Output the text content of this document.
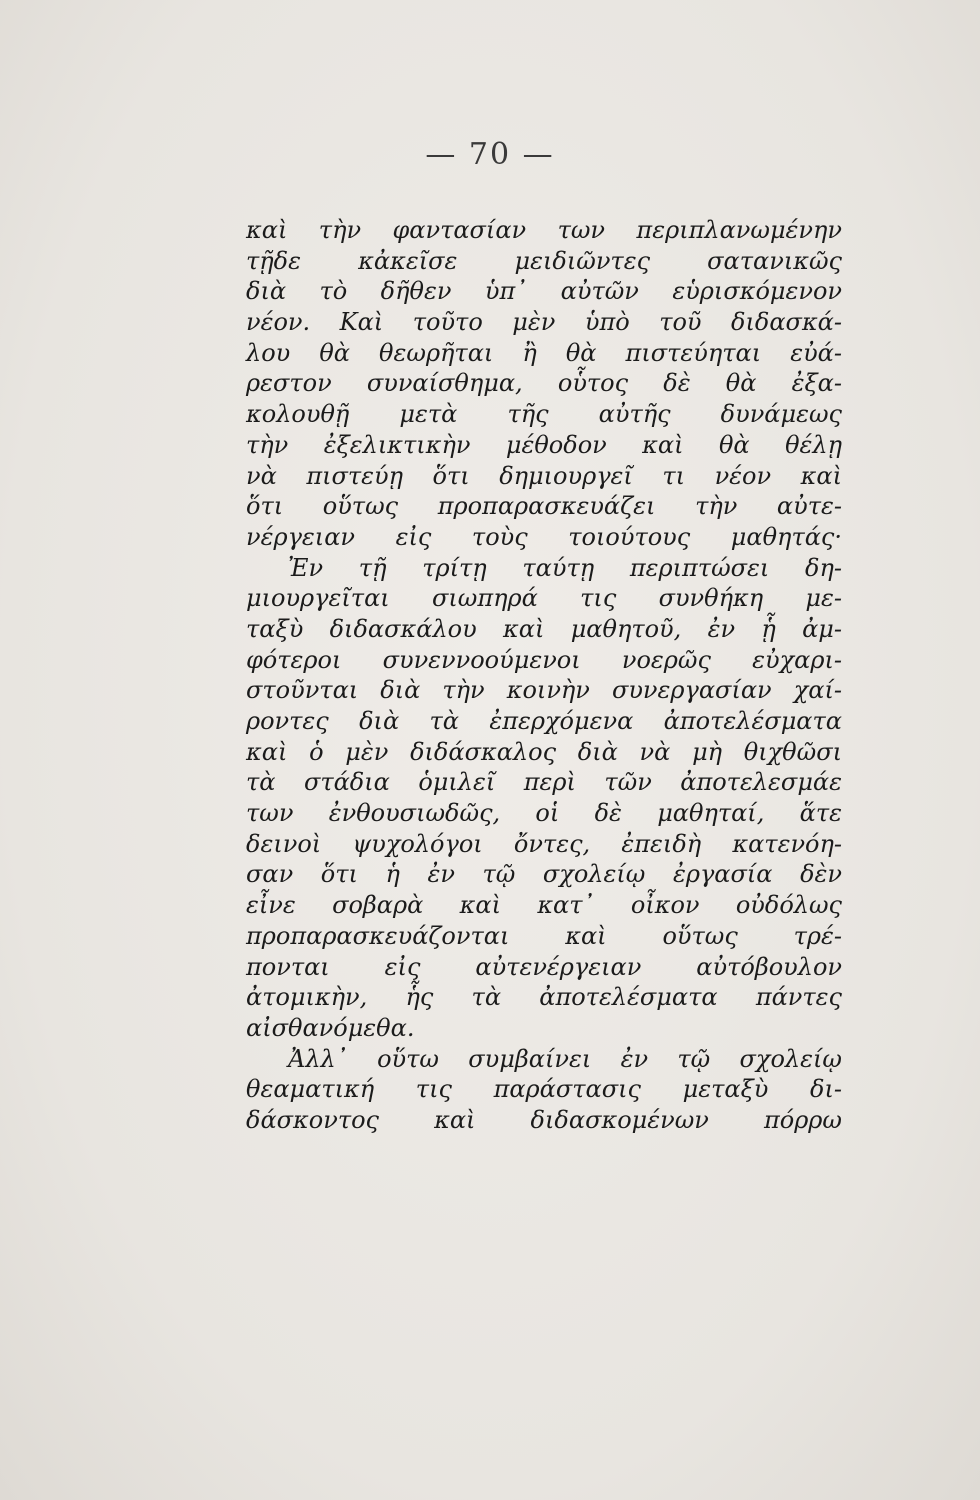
— 70 —
καὶ τὴν φαντασίαν των περιπλανωμένην
τῇδε κἀκεῖσε μειδιῶντες σατανικῶς
διὰ τὸ δῆθεν ὑπ᾽ αὐτῶν εὑρισκόμενον
νέον. Καὶ τοῦτο μὲν ὑπὸ τοῦ διδασκά-
λου θὰ θεωρῆται ἢ θὰ πιστεύηται εὐά-
ρεστον συναίσθημα, οὗτος δὲ θὰ ἐξα-
κολουθῇ μετὰ τῆς αὐτῆς δυνάμεως
τὴν ἐξελικτικὴν μέθοδον καὶ θὰ θέλῃ
νὰ πιστεύῃ ὅτι δημιουργεῖ τι νέον καὶ
ὅτι οὕτως προπαρασκευάζει τὴν αὐτε-
νέργειαν εἰς τοὺς τοιούτους μαθητάς·
Ἐν τῇ τρίτῃ ταύτῃ περιπτώσει δη-
μιουργεῖται σιωπηρά τις συνθήκη με-
ταξὺ διδασκάλου καὶ μαθητοῦ, ἐν ᾗ ἀμ-
φότεροι συνεννοούμενοι νοερῶς εὐχαρι-
στοῦνται διὰ τὴν κοινὴν συνεργασίαν χαί-
ροντες διὰ τὰ ἐπερχόμενα ἀποτελέσματα
καὶ ὁ μὲν διδάσκαλος διὰ νὰ μὴ θιχθῶσι
τὰ στάδια ὁμιλεῖ περὶ τῶν ἀποτελεσμάε
των ἐνθουσιωδῶς, οἱ δὲ μαθηταί, ἅτε
δεινοὶ ψυχολόγοι ὄντες, ἐπειδὴ κατενόη-
σαν ὅτι ἡ ἐν τῷ σχολείῳ ἐργασία δὲν
εἶνε σοβαρὰ καὶ κατ᾽ οἶκον οὐδόλως
προπαρασκευάζονται καὶ οὕτως τρέ-
πονται εἰς αὐτενέργειαν αὐτόβουλον
ἀτομικὴν, ἧς τὰ ἀποτελέσματα πάντες
αἰσθανόμεθα.
Ἀλλ᾽ οὕτω συμβαίνει ἐν τῷ σχολείῳ
θεαματική τις παράστασις μεταξὺ δι-
δάσκοντος καὶ διδασκομένων πόρρω
